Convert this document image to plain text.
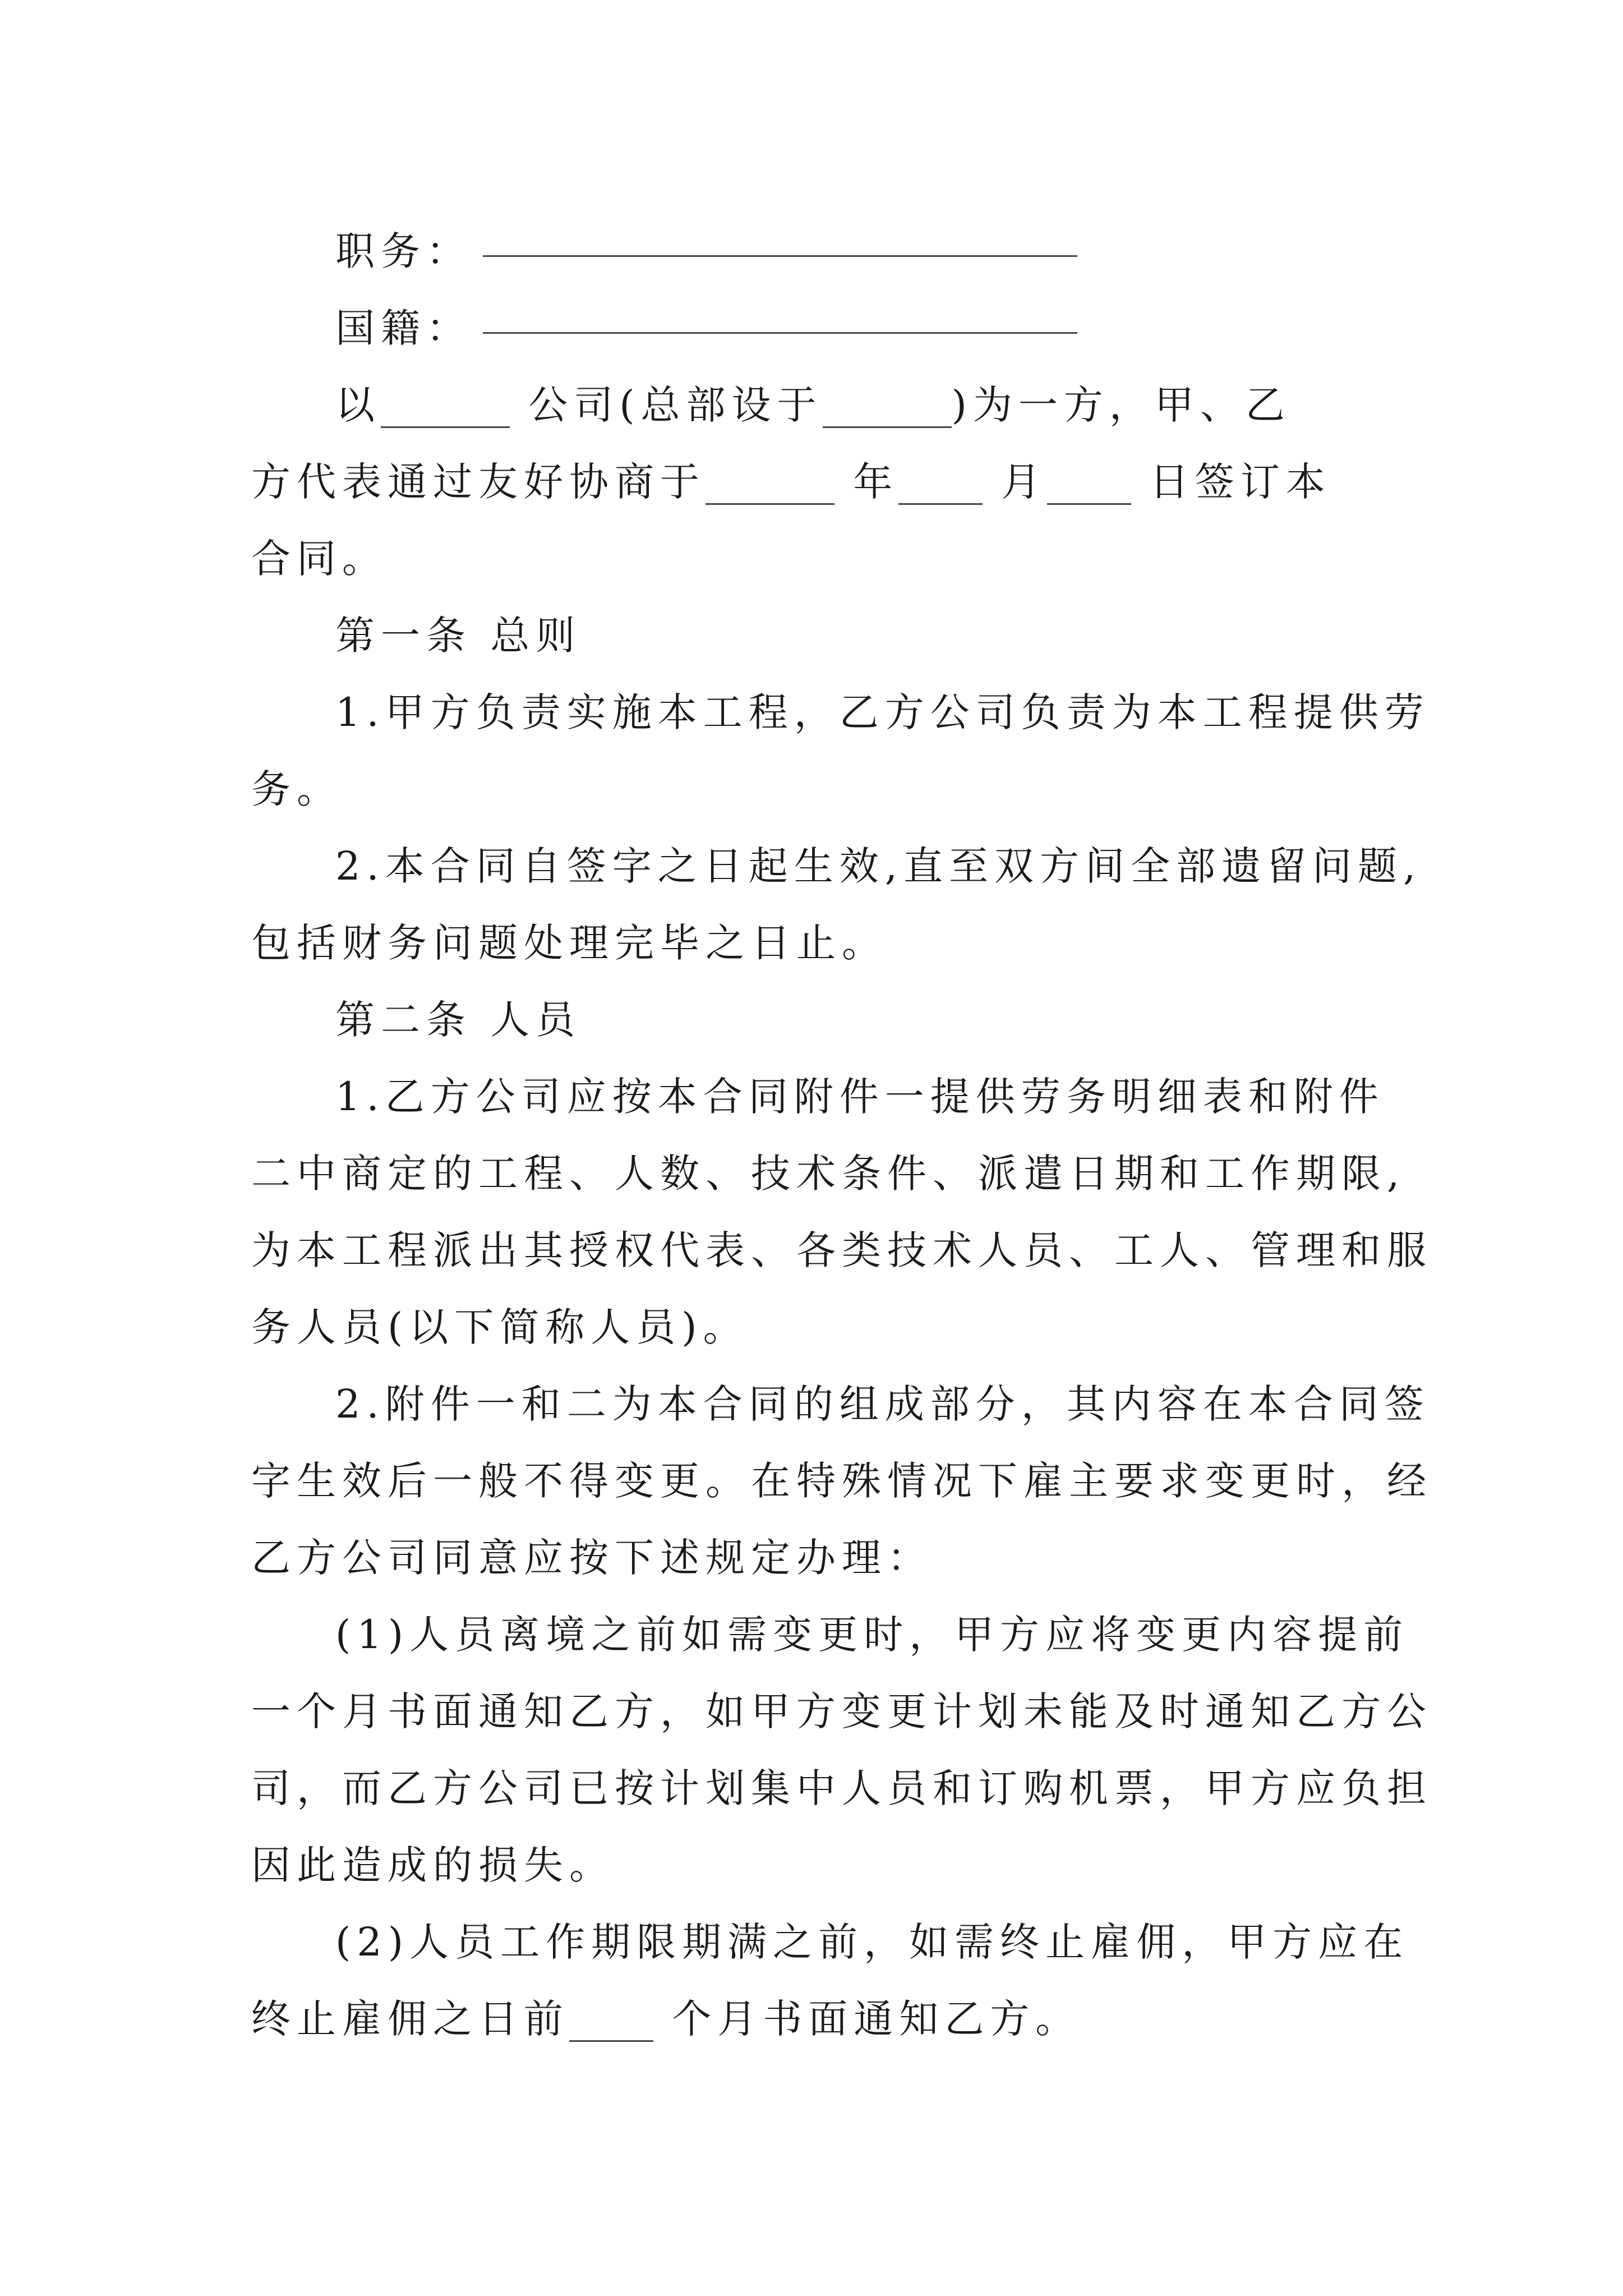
职务：
国籍：
以	公司(总部设于	)为一方，甲、乙
方代表通过友好协商于	年 月 日签订本
合同。
第一条 总则
1.甲方负责实施本工程，乙方公司负责为本工程提供劳
务。
2.本合同自签字之日起生效,直至双方间全部遗留问题,
包括财务问题处理完毕之日止。
第二条 人员
1.乙方公司应按本合同附件一提供劳务明细表和附件
二中商定的工程、人数、技术条件、派遣日期和工作期限,
为本工程派出其授权代表、各类技术人员、工人、管理和服
务人员(以下简称人员)。
2.附件一和二为本合同的组成部分，其内容在本合同签
字生效后一般不得变更。在特殊情况下雇主要求变更时，经
乙方公司同意应按下述规定办理：
(1)人员离境之前如需变更时，甲方应将变更内容提前
一个月书面通知乙方，如甲方变更计划未能及时通知乙方公
司，而乙方公司已按计划集中人员和订购机票，甲方应负担
因此造成的损失。
(2)人员工作期限期满之前，如需终止雇佣，甲方应在
终止雇佣之日前 个月书面通知乙方。
